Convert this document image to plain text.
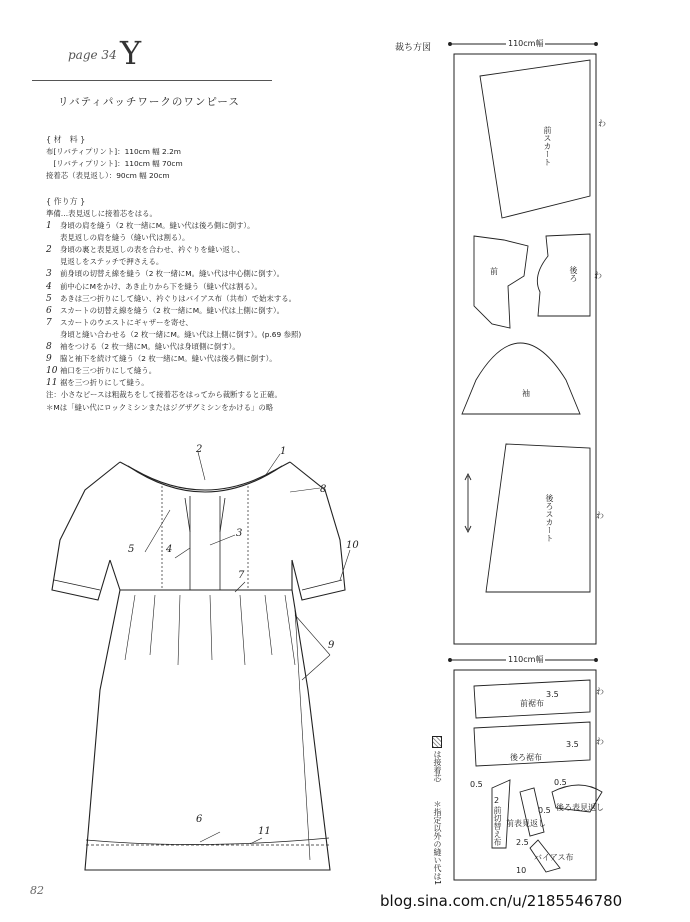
page 34 Y
リバティパッチワークのワンピース
{ 材　料 }
布[リバティプリント]：110cm 幅 2.2m
　[リバティプリント]：110cm 幅 70cm
接着芯（表見返し）：90cm 幅 20cm
{ 作り方 }
準備…表見返しに接着芯をはる。
1 身頃の肩を縫う（2 枚一緒にM。縫い代は後ろ側に倒す）。
表見返しの肩を縫う（縫い代は割る）。
2 身頃の裏と表見返しの表を合わせ、衿ぐりを縫い返し、
見返しをステッチで押さえる。
3 前身頃の切替え線を縫う（2 枚一緒にM。縫い代は中心側に倒す）。
4 前中心にMをかけ、あき止りから下を縫う（縫い代は割る）。
5 あきは三つ折りにして縫い、衿ぐりはバイアス布（共布）で始末する。
6 スカートの切替え線を縫う（2 枚一緒にM。縫い代は上側に倒す）。
7 スカートのウエストにギャザーを寄せ、
身頃と縫い合わせる（2 枚一緒にM。縫い代は上側に倒す）。(p.69 参照)
8 袖をつける（2 枚一緒にM。縫い代は身頃側に倒す）。
9 脇と袖下を続けて縫う（2 枚一緒にM。縫い代は後ろ側に倒す）。
10 袖口を三つ折りにして縫う。
11 裾を三つ折りにして縫う。
注：小さなピースは粗裁ちをして接着芯をはってから裁断すると正確。
＊Mは「縫い代にロックミシンまたはジグザグミシンをかける」の略
1
2
3
4
5
6
7
8
9
10
11
裁ち方図	110cm幅
前スカート
わ
前	後ろ わ
袖
後ろスカート	わ
110cm幅
前裾布
後ろ裾布
後ろ表見返し
前表見返し
前切替え布
バイアス布
わ
わ
3.5
3.5
0.5	0.5
2
0.5
2.5
10
は接着芯
＊指定以外の縫い代は1
82
blog.sina.com.cn/u/2185546780
